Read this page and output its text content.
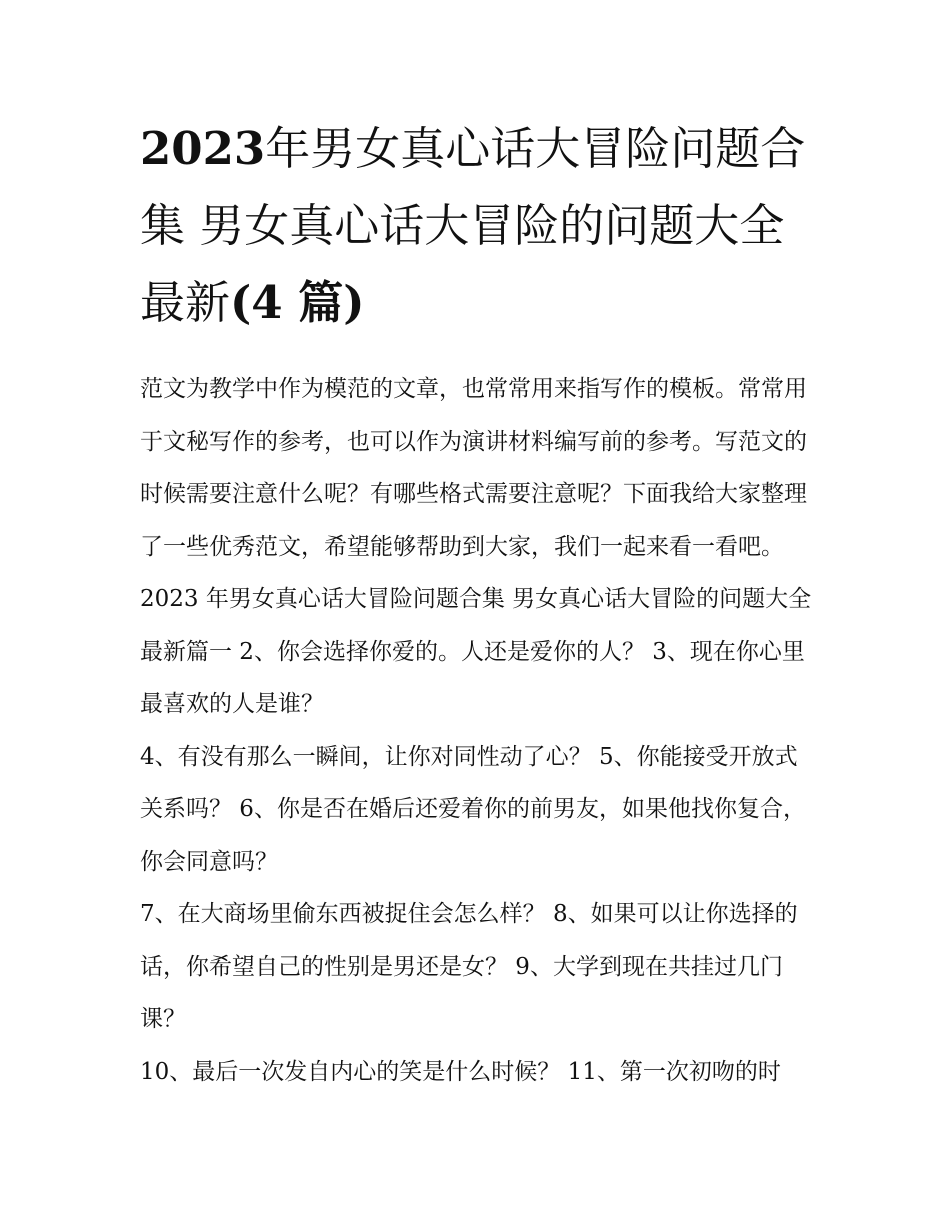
2023年男女真心话大冒险问题合集 男女真心话大冒险的问题大全最新(4 篇)

范文为教学中作为模范的文章，也常常用来指写作的模板。常常用于文秘写作的参考，也可以作为演讲材料编写前的参考。写范文的时候需要注意什么呢？有哪些格式需要注意呢？下面我给大家整理了一些优秀范文，希望能够帮助到大家，我们一起来看一看吧。

2023 年男女真心话大冒险问题合集 男女真心话大冒险的问题大全最新篇一 2、你会选择你爱的。人还是爱你的人？ 3、现在你心里最喜欢的人是谁？

4、有没有那么一瞬间，让你对同性动了心？ 5、你能接受开放式关系吗？ 6、你是否在婚后还爱着你的前男友，如果他找你复合，你会同意吗？

7、在大商场里偷东西被捉住会怎么样？ 8、如果可以让你选择的话，你希望自己的性别是男还是女？ 9、大学到现在共挂过几门课？

10、最后一次发自内心的笑是什么时候？ 11、第一次初吻的时
